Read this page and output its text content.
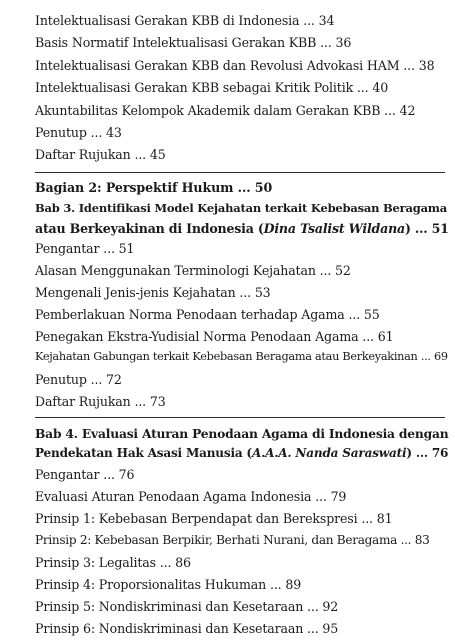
Intelektualisasi Gerakan KBB di Indonesia ... 34
Basis Normatif Intelektualisasi Gerakan KBB ... 36
Intelektualisasi Gerakan KBB dan Revolusi Advokasi HAM ... 38
Intelektualisasi Gerakan KBB sebagai Kritik Politik ... 40
Akuntabilitas Kelompok Akademik dalam Gerakan KBB ... 42
Penutup ... 43
Daftar Rujukan ... 45
Bagian 2: Perspektif Hukum ... 50
Bab 3. Identifikasi Model Kejahatan terkait Kebebasan Beragama
atau Berkeyakinan di Indonesia (Dina Tsalist Wildana) ... 51
Pengantar ... 51
Alasan Menggunakan Terminologi Kejahatan ... 52
Mengenali Jenis-jenis Kejahatan ... 53
Pemberlakuan Norma Penodaan terhadap Agama ... 55
Penegakan Ekstra-Yudisial Norma Penodaan Agama ... 61
Kejahatan Gabungan terkait Kebebasan Beragama atau Berkeyakinan ... 69
Penutup ... 72
Daftar Rujukan ... 73
Bab 4. Evaluasi Aturan Penodaan Agama di Indonesia dengan
Pendekatan Hak Asasi Manusia (A.A.A. Nanda Saraswati) ... 76
Pengantar ... 76
Evaluasi Aturan Penodaan Agama Indonesia ... 79
Prinsip 1: Kebebasan Berpendapat dan Berekspresi ... 81
Prinsip 2: Kebebasan Berpikir, Berhati Nurani, dan Beragama ... 83
Prinsip 3: Legalitas ... 86
Prinsip 4: Proporsionalitas Hukuman ... 89
Prinsip 5: Nondiskriminasi dan Kesetaraan ... 92
Prinsip 6: Nondiskriminasi dan Kesetaraan ... 95
